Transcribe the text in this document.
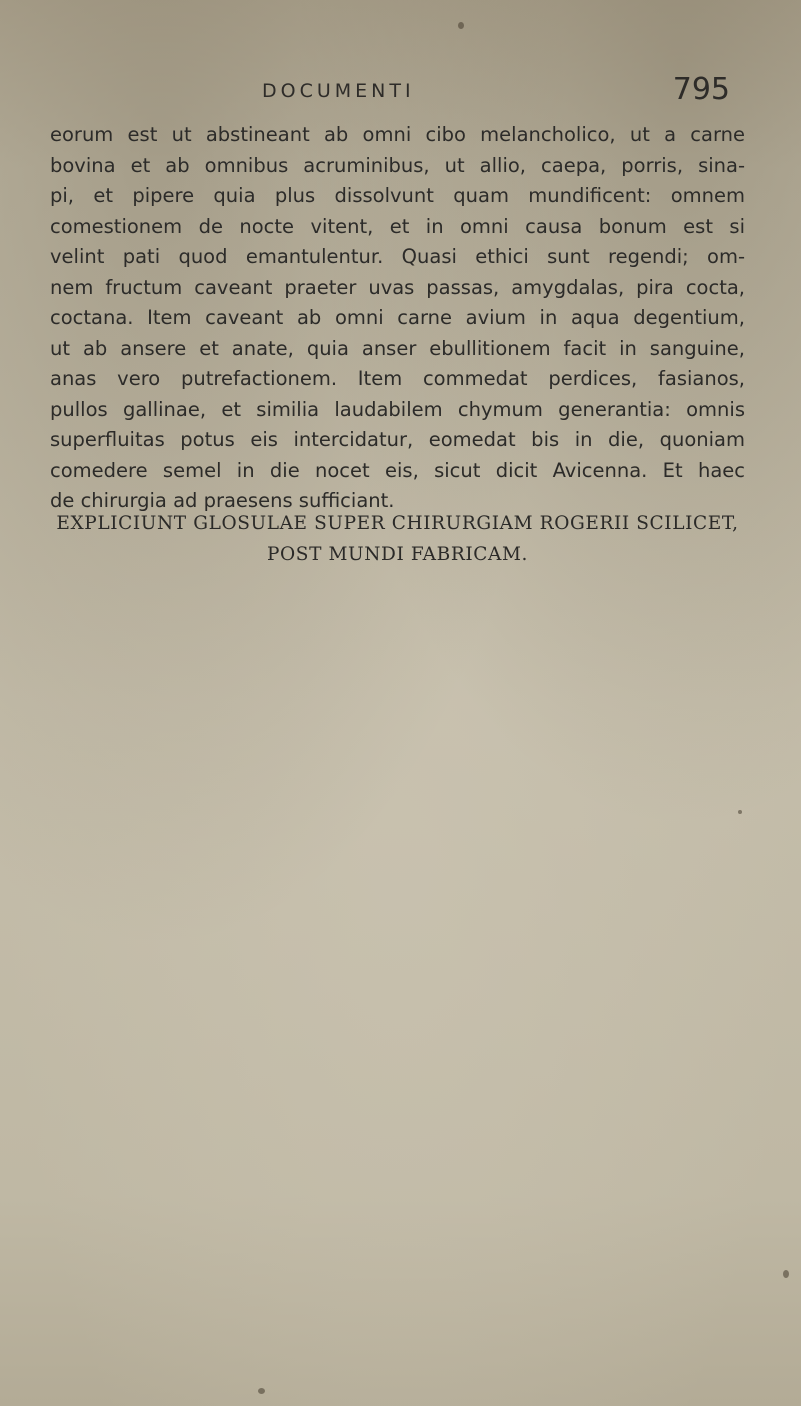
DOCUMENTI	795
eorum est ut abstineant ab omni cibo melancholico, ut a carne
bovina et ab omnibus acruminibus, ut allio, caepa, porris, sina-
pi, et pipere quia plus dissolvunt quam mundificent: omnem
comestionem de nocte vitent, et in omni causa bonum est si
velint pati quod emantulentur. Quasi ethici sunt regendi; om-
nem fructum caveant praeter uvas passas, amygdalas, pira cocta,
coctana. Item caveant ab omni carne avium in aqua degentium,
ut ab ansere et anate, quia anser ebullitionem facit in sanguine,
anas vero putrefactionem. Item commedat perdices, fasianos,
pullos gallinae, et similia laudabilem chymum generantia: omnis
superfluitas potus eis intercidatur, eomedat bis in die, quoniam
comedere semel in die nocet eis, sicut dicit Avicenna. Et haec
de chirurgia ad praesens sufficiant.
EXPLICIUNT GLOSULAE SUPER CHIRURGIAM ROGERII SCILICET,
POST MUNDI FABRICAM.
